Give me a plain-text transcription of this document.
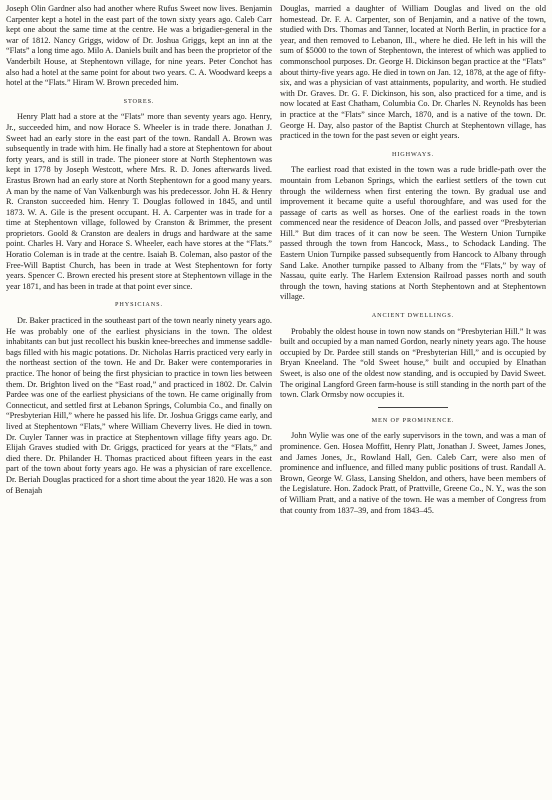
Joseph Olin Gardner also had another where Rufus Sweet now lives. Benjamin Carpenter kept a hotel in the east part of the town sixty years ago. Caleb Carr kept one about the same time at the centre. He was a brigadier-general in the war of 1812. Nancy Griggs, widow of Dr. Joshua Griggs, kept an inn at the “Flats” a long time ago. Milo A. Daniels built and has been the proprietor of the Vanderbilt House, at Stephentown village, for nine years. Peter Conchot has also had a hotel at the same point for about two years. C. A. Woodward keeps a hotel at the “Flats.” Hiram W. Brown preceded him.

STORES.

Henry Platt had a store at the “Flats” more than seventy years ago. Henry, Jr., succeeded him, and now Horace S. Wheeler is in trade there. Jonathan J. Sweet had an early store in the east part of the town. Randall A. Brown was subsequently in trade with him. He finally had a store at Stephentown for about forty years, and is still in trade. The pioneer store at North Stephentown was kept in 1778 by Joseph Westcott, where Mrs. R. D. Jones afterwards lived. Erastus Brown had an early store at North Stephentown for a good many years. A man by the name of Van Valkenburgh was his predecessor. John H. & Henry R. Cranston succeeded him. Henry T. Douglas followed in 1845, and until 1873. W. A. Gile is the present occupant. H. A. Carpenter was in trade for a time at Stephentown village, followed by Cranston & Brimmer, the present proprietors. Goold & Cranston are dealers in drugs and hardware at the same point. Charles H. Vary and Horace S. Wheeler, each have stores at the “Flats.” Horatio Coleman is in trade at the centre. Isaiah B. Coleman, also pastor of the Free-Will Baptist Church, has been in trade at West Stephentown for forty years. Spencer C. Brown erected his present store at Stephentown village in the year 1871, and has been in trade at that point ever since.

PHYSICIANS.

Dr. Baker practiced in the southeast part of the town nearly ninety years ago. He was probably one of the earliest physicians in the town. The oldest inhabitants can but just recollect his buskin knee-breeches and immense saddle-bags filled with his magic potations. Dr. Nicholas Harris practiced very early in the northeast section of the town. He and Dr. Baker were contemporaries in practice. The honor of being the first physician to practice in town lies between them. Dr. Brighton lived on the “East road,” and practiced in 1802. Dr. Calvin Pardee was one of the earliest physicians of the town. He came originally from Connecticut, and settled first at Lebanon Springs, Columbia Co., and finally on “Presbyterian Hill,” where he passed his life. Dr. Joshua Griggs came early, and lived at Stephentown “Flats,” where William Cheverry lives. He died in town. Dr. Cuyler Tanner was in practice at Stephentown village fifty years ago. Dr. Elijah Graves studied with Dr. Griggs, practiced for years at the “Flats,” and died there. Dr. Philander H. Thomas practiced about fifteen years in the east part of the town about forty years ago. He was a physician of rare excellence. Dr. Beriah Douglas practiced for a short time about the year 1820. He was a son of Benajah

Douglas, married a daughter of William Douglas and lived on the old homestead. Dr. F. A. Carpenter, son of Benjamin, and a native of the town, studied with Drs. Thomas and Tanner, located at North Berlin, in practice for a year, and then removed to Lebanon, Ill., where he died. He left in his will the sum of $5000 to the town of Stephentown, the interest of which was applied to commonschool purposes. Dr. George H. Dickinson began practice at the “Flats” about thirty-five years ago. He died in town on Jan. 12, 1878, at the age of fifty-six, and was a physician of vast attainments, popularity, and worth. He studied with Dr. Graves. Dr. G. F. Dickinson, his son, also practiced for a time, and is now located at East Chatham, Columbia Co. Dr. Charles N. Reynolds has been in practice at the “Flats” since March, 1870, and is a native of the town. Dr. George H. Day, also pastor of the Baptist Church at Stephentown village, has practiced in the town for the past seven or eight years.

HIGHWAYS.

The earliest road that existed in the town was a rude bridle-path over the mountain from Lebanon Springs, which the earliest settlers of the town cut through the wilderness when first entering the town. By gradual use and improvement it became quite a useful thoroughfare, and was used for the passage of carts as well as horses. One of the earliest roads in the town commenced near the residence of Deacon Jolls, and passed over “Presbyterian Hill.” But dim traces of it can now be seen. The Western Union Turnpike passed through the town from Hancock, Mass., to Schodack Landing. The Eastern Union Turnpike passed subsequently from Hancock to Albany through Sand Lake. Another turnpike passed to Albany from the “Flats,” by way of Nassau, quite early. The Harlem Extension Railroad passes north and south through the town, having stations at North Stephentown and at Stephentown village.

ANCIENT DWELLINGS.

Probably the oldest house in town now stands on “Presbyterian Hill.” It was built and occupied by a man named Gordon, nearly ninety years ago. The house occupied by Dr. Pardee still stands on “Presbyterian Hill,” and is occupied by Bryan Kneeland. The “old Sweet house,” built and occupied by Elnathan Sweet, is also one of the oldest now standing, and is occupied by David Sweet. The original Langford Green farm-house is still standing in the north part of the town. Clark Ormsby now occupies it.

MEN OF PROMINENCE.

John Wylie was one of the early supervisors in the town, and was a man of prominence. Gen. Hosea Moffitt, Henry Platt, Jonathan J. Sweet, James Jones, and James Jones, Jr., Rowland Hall, Gen. Caleb Carr, were also men of prominence and influence, and filled many public positions of trust. Randall A. Brown, George W. Glass, Lansing Sheldon, and others, have been members of the Legislature. Hon. Zadock Pratt, of Prattville, Greene Co., N. Y., was the son of William Pratt, and a native of the town. He was a member of Congress from that county from 1837–39, and from 1843–45.
